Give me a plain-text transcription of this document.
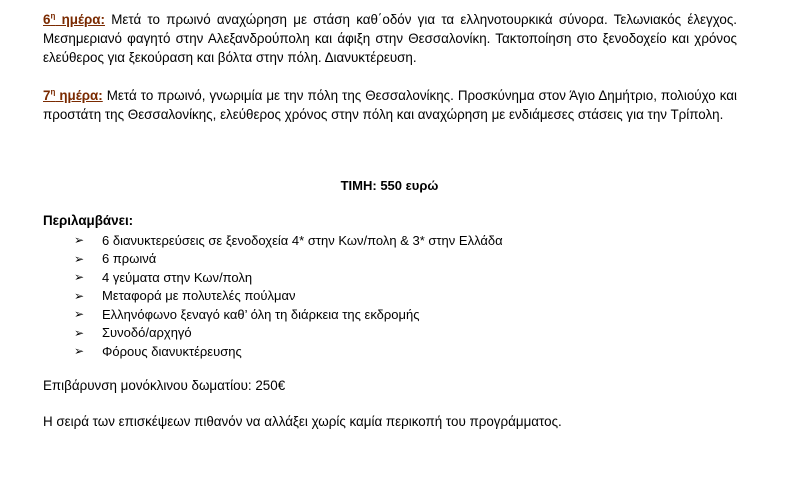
$6^\eta$ ημέρα: Μετά το πρωινό αναχώρηση με στάση καθ΄οδόν για τα ελληνοτουρκικά σύνορα. Τελωνιακός έλεγχος. Μεσημεριανό φαγητό στην Αλεξανδρούπολη και άφιξη στην Θεσσαλονίκη. Τακτοποίηση στο ξενοδοχείο και χρόνος ελεύθερος για ξεκούραση και βόλτα στην πόλη. Διανυκτέρευση.
$7^\eta$ ημέρα: Μετά το πρωινό, γνωριμία με την πόλη της Θεσσαλονίκης. Προσκύνημα στον Άγιο Δημήτριο, πολιούχο και προστάτη της Θεσσαλονίκης, ελεύθερος χρόνος στην πόλη και αναχώρηση με ενδιάμεσες στάσεις για την Τρίπολη.
ΤΙΜΗ: 550 ευρώ
Περιλαμβάνει:
➢	6 διανυκτερεύσεις σε ξενοδοχεία 4* στην Κων/πολη & 3* στην Ελλάδα
➢	6 πρωινά
➢	4 γεύματα στην Κων/πολη
➢	Μεταφορά με πολυτελές πούλμαν
➢	Ελληνόφωνο ξεναγό καθ’ όλη τη διάρκεια της εκδρομής
➢	Συνοδό/αρχηγό
➢	Φόρους διανυκτέρευσης
Επιβάρυνση μονόκλινου δωματίου: 250€
Η σειρά των επισκέψεων πιθανόν να αλλάξει χωρίς καμία περικοπή του προγράμματος.
